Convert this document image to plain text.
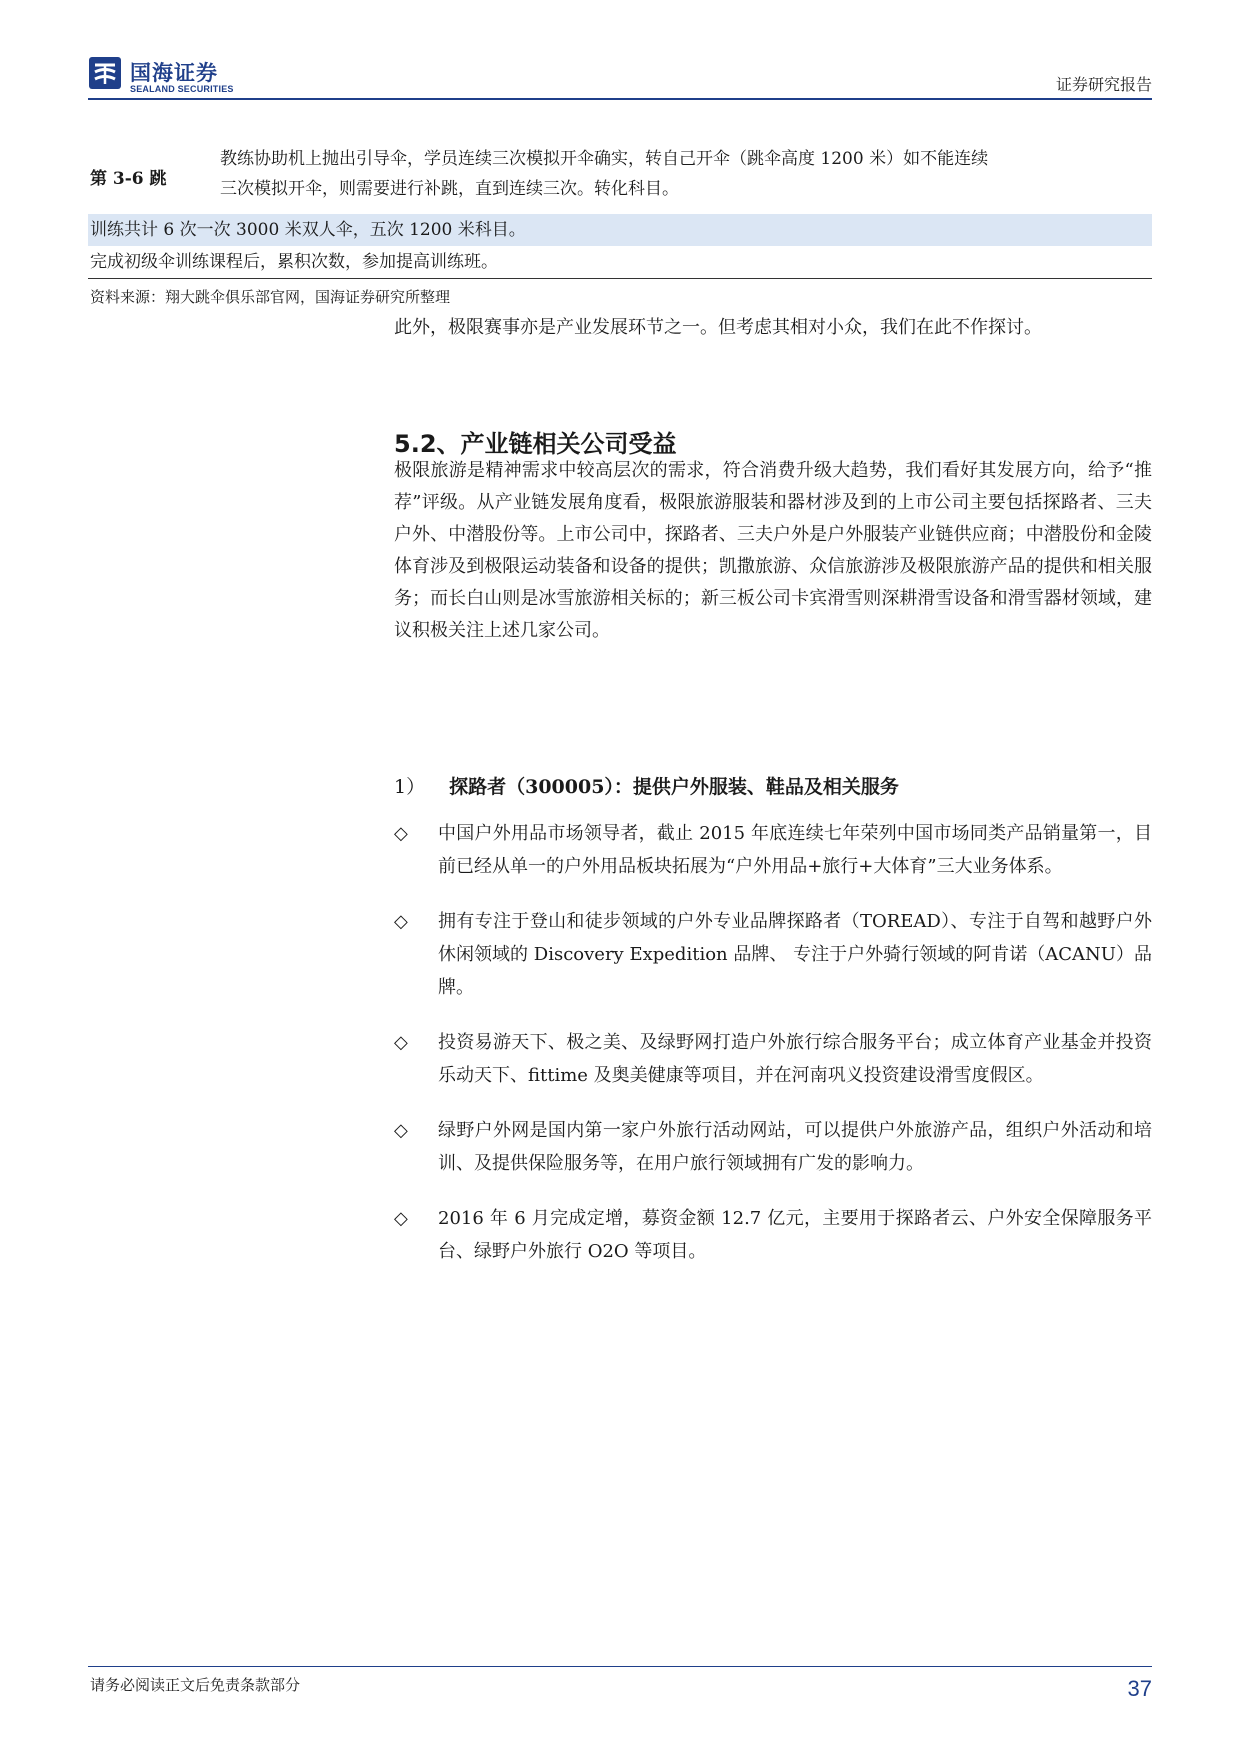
国海证券
SEALAND SECURITIES	证券研究报告
第 3-6 跳
教练协助机上抛出引导伞，学员连续三次模拟开伞确实，转自己开伞（跳伞高度 1200 米）如不能连续
三次模拟开伞，则需要进行补跳，直到连续三次。转化科目。
训练共计 6 次一次 3000 米双人伞，五次 1200 米科目。
完成初级伞训练课程后，累积次数，参加提高训练班。
资料来源：翔大跳伞俱乐部官网，国海证券研究所整理
此外，极限赛事亦是产业发展环节之一。但考虑其相对小众，我们在此不作探讨。
5.2、产业链相关公司受益
极限旅游是精神需求中较高层次的需求，符合消费升级大趋势，我们看好其发展方向，给予“推荐”评级。从产业链发展角度看，极限旅游服装和器材涉及到的上市公司主要包括探路者、三夫户外、中潜股份等。上市公司中，探路者、三夫户外是户外服装产业链供应商；中潜股份和金陵体育涉及到极限运动装备和设备的提供；凯撒旅游、众信旅游涉及极限旅游产品的提供和相关服务；而长白山则是冰雪旅游相关标的；新三板公司卡宾滑雪则深耕滑雪设备和滑雪器材领域，建议积极关注上述几家公司。
1） 探路者（300005）：提供户外服装、鞋品及相关服务
◇ 中国户外用品市场领导者，截止 2015 年底连续七年荣列中国市场同类产品销量第一，目前已经从单一的户外用品板块拓展为“户外用品+旅行+大体育”三大业务体系。
◇ 拥有专注于登山和徒步领域的户外专业品牌探路者（TOREAD）、专注于自驾和越野户外休闲领域的 Discovery Expedition 品牌、 专注于户外骑行领域的阿肯诺（ACANU）品牌。
◇ 投资易游天下、极之美、及绿野网打造户外旅行综合服务平台；成立体育产业基金并投资乐动天下、fittime 及奥美健康等项目，并在河南巩义投资建设滑雪度假区。
◇ 绿野户外网是国内第一家户外旅行活动网站，可以提供户外旅游产品，组织户外活动和培训、及提供保险服务等，在用户旅行领域拥有广发的影响力。
◇ 2016 年 6 月完成定增，募资金额 12.7 亿元，主要用于探路者云、户外安全保障服务平台、绿野户外旅行 O2O 等项目。
请务必阅读正文后免责条款部分	37
